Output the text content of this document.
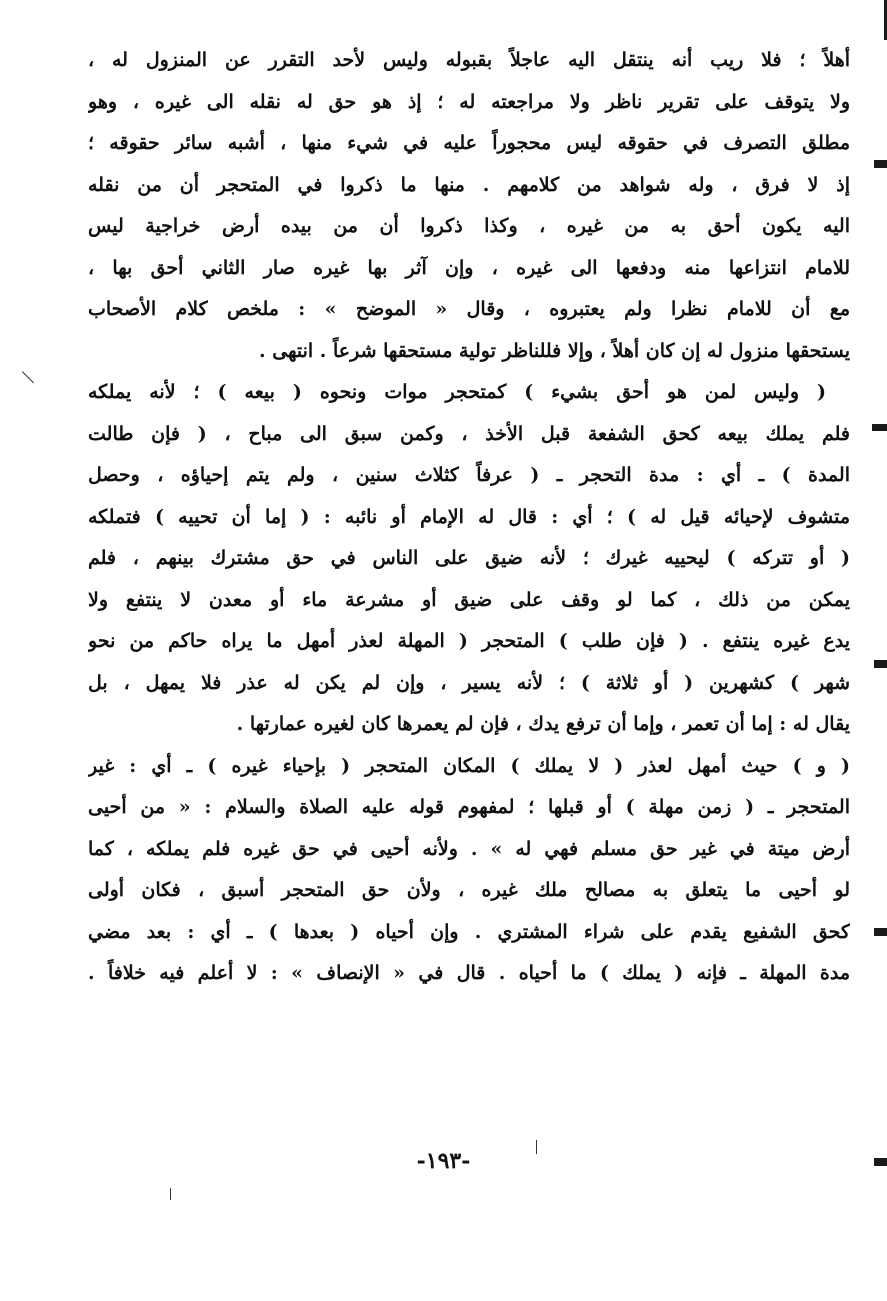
أهلاً ؛ فلا ريب أنه ينتقل اليه عاجلاً بقبوله وليس لأحد التقرر عن المنزول له ،
ولا يتوقف على تقرير ناظر ولا مراجعته له ؛ إذ هو حق له نقله الى غيره ، وهو
مطلق التصرف في حقوقه ليس محجوراً عليه في شيء منها ، أشبه سائر حقوقه ؛
إذ لا فرق ، وله شواهد من كلامهم . منها ما ذكروا في المتحجر أن من نقله
اليه يكون أحق به من غيره ، وكذا ذكروا أن من بيده أرض خراجية ليس
للامام انتزاعها منه ودفعها الى غيره ، وإن آثر بها غيره صار الثاني أحق بها ،
مع أن للامام نظرا ولم يعتبروه ، وقال « الموضح » : ملخص كلام الأصحاب
يستحقها منزول له إن كان أهلاً ، وإلا فللناظر تولية مستحقها شرعاً . انتهى .
( وليس لمن هو أحق بشيء ) كمتحجر موات ونحوه ( بيعه ) ؛ لأنه يملكه
فلم يملك بيعه كحق الشفعة قبل الأخذ ، وكمن سبق الى مباح ، ( فإن طالت
المدة ) ـ أي : مدة التحجر ـ ( عرفاً كثلاث سنين ، ولم يتم إحياؤه ، وحصل
متشوف لإحيائه قيل له ) ؛ أي : قال له الإمام أو نائبه : ( إما أن تحييه ) فتملكه
( أو تتركه ) ليحييه غيرك ؛ لأنه ضيق على الناس في حق مشترك بينهم ، فلم
يمكن من ذلك ، كما لو وقف على ضيق أو مشرعة ماء أو معدن لا ينتفع ولا
يدع غيره ينتفع . ( فإن طلب ) المتحجر ( المهلة لعذر أمهل ما يراه حاكم من نحو
شهر ) كشهرين ( أو ثلاثة ) ؛ لأنه يسير ، وإن لم يكن له عذر فلا يمهل ، بل
يقال له : إما أن تعمر ، وإما أن ترفع يدك ، فإن لم يعمرها كان لغيره عمارتها .
( و ) حيث أمهل لعذر ( لا يملك ) المكان المتحجر ( بإحياء غيره ) ـ أي : غير
المتحجر ـ ( زمن مهلة ) أو قبلها ؛ لمفهوم قوله عليه الصلاة والسلام : « من أحيى
أرض ميتة في غير حق مسلم فهي له » . ولأنه أحيى في حق غيره فلم يملكه ، كما
لو أحيى ما يتعلق به مصالح ملك غيره ، ولأن حق المتحجر أسبق ، فكان أولى
كحق الشفيع يقدم على شراء المشتري . وإن أحياه ( بعدها ) ـ أي : بعد مضي
مدة المهلة ـ فإنه ( يملك ) ما أحياه . قال في « الإنصاف » : لا أعلم فيه خلافاً .
-١٩٣-
